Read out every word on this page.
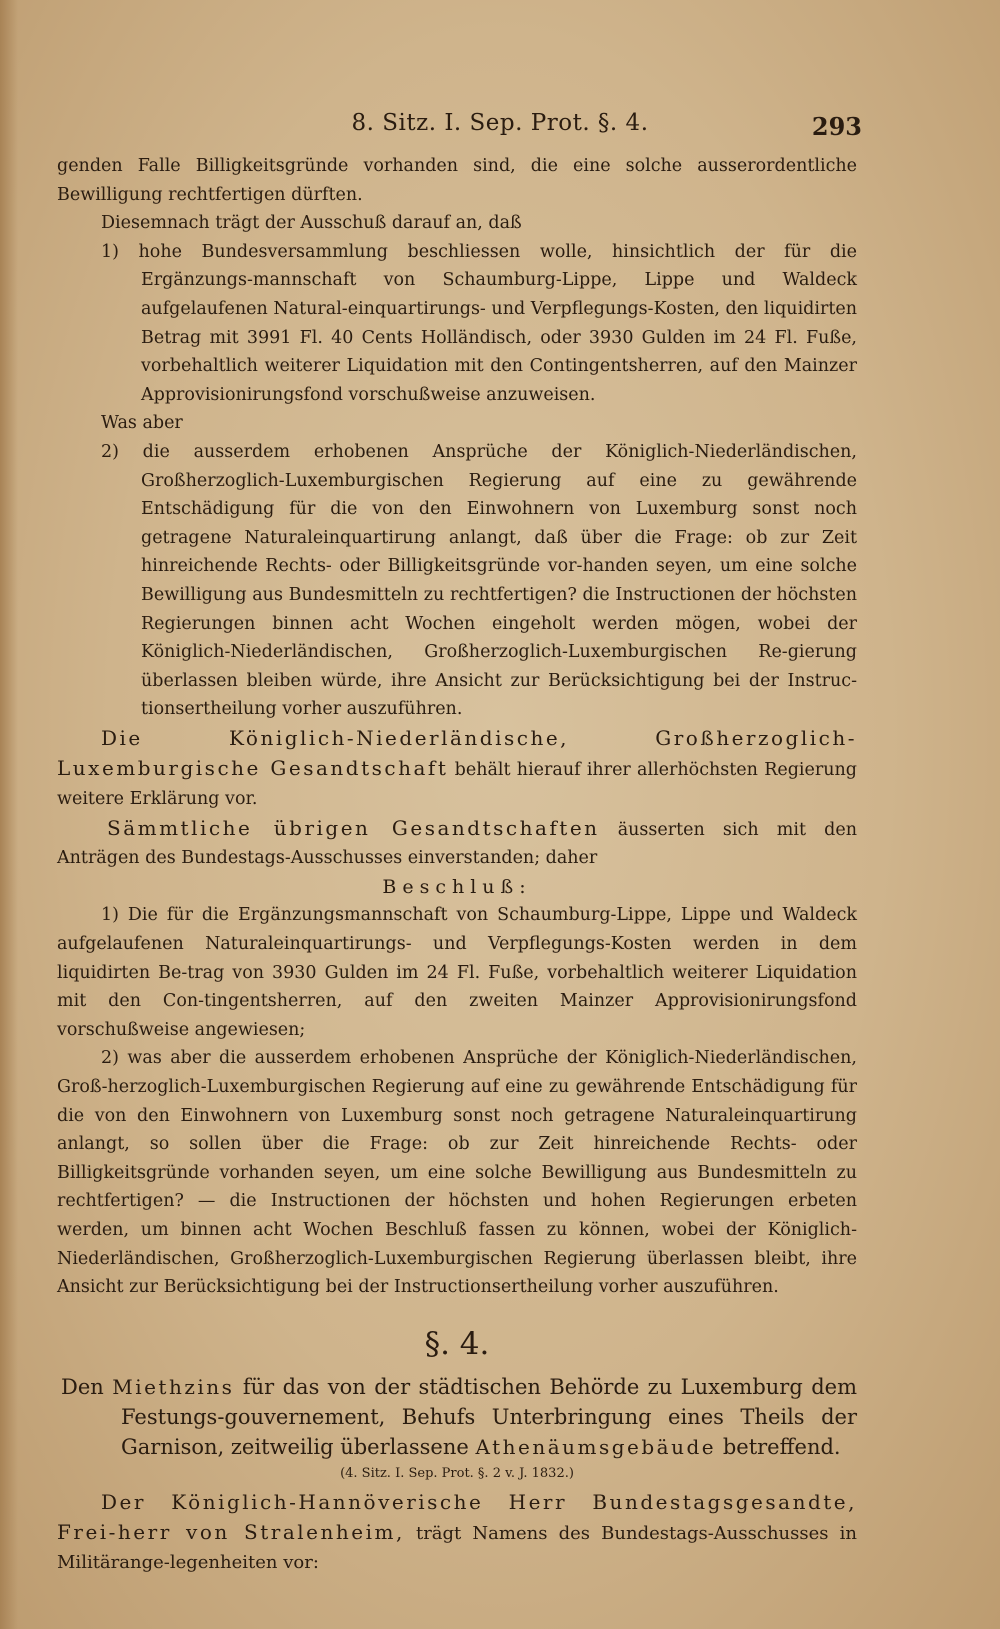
8. Sitz. I. Sep. Prot. §. 4.	293

genden Falle Billigkeitsgründe vorhanden sind, die eine solche ausserordentliche Bewilligung rechtfertigen dürften.

Diesemnach trägt der Ausschuß darauf an, daß

1) hohe Bundesversammlung beschliessen wolle, hinsichtlich der für die Ergänzungs-mannschaft von Schaumburg-Lippe, Lippe und Waldeck aufgelaufenen Natural-einquartirungs- und Verpflegungs-Kosten, den liquidirten Betrag mit 3991 Fl. 40 Cents Holländisch, oder 3930 Gulden im 24 Fl. Fuße, vorbehaltlich weiterer Liquidation mit den Contingentsherren, auf den Mainzer Approvisionirungsfond vorschußweise anzuweisen.

Was aber

2) die ausserdem erhobenen Ansprüche der Königlich-Niederländischen, Großherzoglich-Luxemburgischen Regierung auf eine zu gewährende Entschädigung für die von den Einwohnern von Luxemburg sonst noch getragene Naturaleinquartirung anlangt, daß über die Frage: ob zur Zeit hinreichende Rechts- oder Billigkeitsgründe vor-handen seyen, um eine solche Bewilligung aus Bundesmitteln zu rechtfertigen? die Instructionen der höchsten Regierungen binnen acht Wochen eingeholt werden mögen, wobei der Königlich-Niederländischen, Großherzoglich-Luxemburgischen Re-gierung überlassen bleiben würde, ihre Ansicht zur Berücksichtigung bei der Instruc-tionsertheilung vorher auszuführen.

Die Königlich-Niederländische, Großherzoglich-Luxemburgische Gesandtschaft behält hierauf ihrer allerhöchsten Regierung weitere Erklärung vor.

Sämmtliche übrigen Gesandtschaften äusserten sich mit den Anträgen des Bundestags-Ausschusses einverstanden; daher

Beschluß:

1) Die für die Ergänzungsmannschaft von Schaumburg-Lippe, Lippe und Waldeck aufgelaufenen Naturaleinquartirungs- und Verpflegungs-Kosten werden in dem liquidirten Be-trag von 3930 Gulden im 24 Fl. Fuße, vorbehaltlich weiterer Liquidation mit den Con-tingentsherren, auf den zweiten Mainzer Approvisionirungsfond vorschußweise angewiesen;

2) was aber die ausserdem erhobenen Ansprüche der Königlich-Niederländischen, Groß-herzoglich-Luxemburgischen Regierung auf eine zu gewährende Entschädigung für die von den Einwohnern von Luxemburg sonst noch getragene Naturaleinquartirung anlangt, so sollen über die Frage: ob zur Zeit hinreichende Rechts- oder Billigkeitsgründe vorhanden seyen, um eine solche Bewilligung aus Bundesmitteln zu rechtfertigen? — die Instructionen der höchsten und hohen Regierungen erbeten werden, um binnen acht Wochen Beschluß fassen zu können, wobei der Königlich-Niederländischen, Großherzoglich-Luxemburgischen Regierung überlassen bleibt, ihre Ansicht zur Berücksichtigung bei der Instructionsertheilung vorher auszuführen.

§. 4.

Den Miethzins für das von der städtischen Behörde zu Luxemburg dem Festungs-gouvernement, Behufs Unterbringung eines Theils der Garnison, zeitweilig überlassene Athenäumsgebäude betreffend.

(4. Sitz. I. Sep. Prot. §. 2 v. J. 1832.)

Der Königlich-Hannöverische Herr Bundestagsgesandte, Frei-herr von Stralenheim, trägt Namens des Bundestags-Ausschusses in Militärange-legenheiten vor:
